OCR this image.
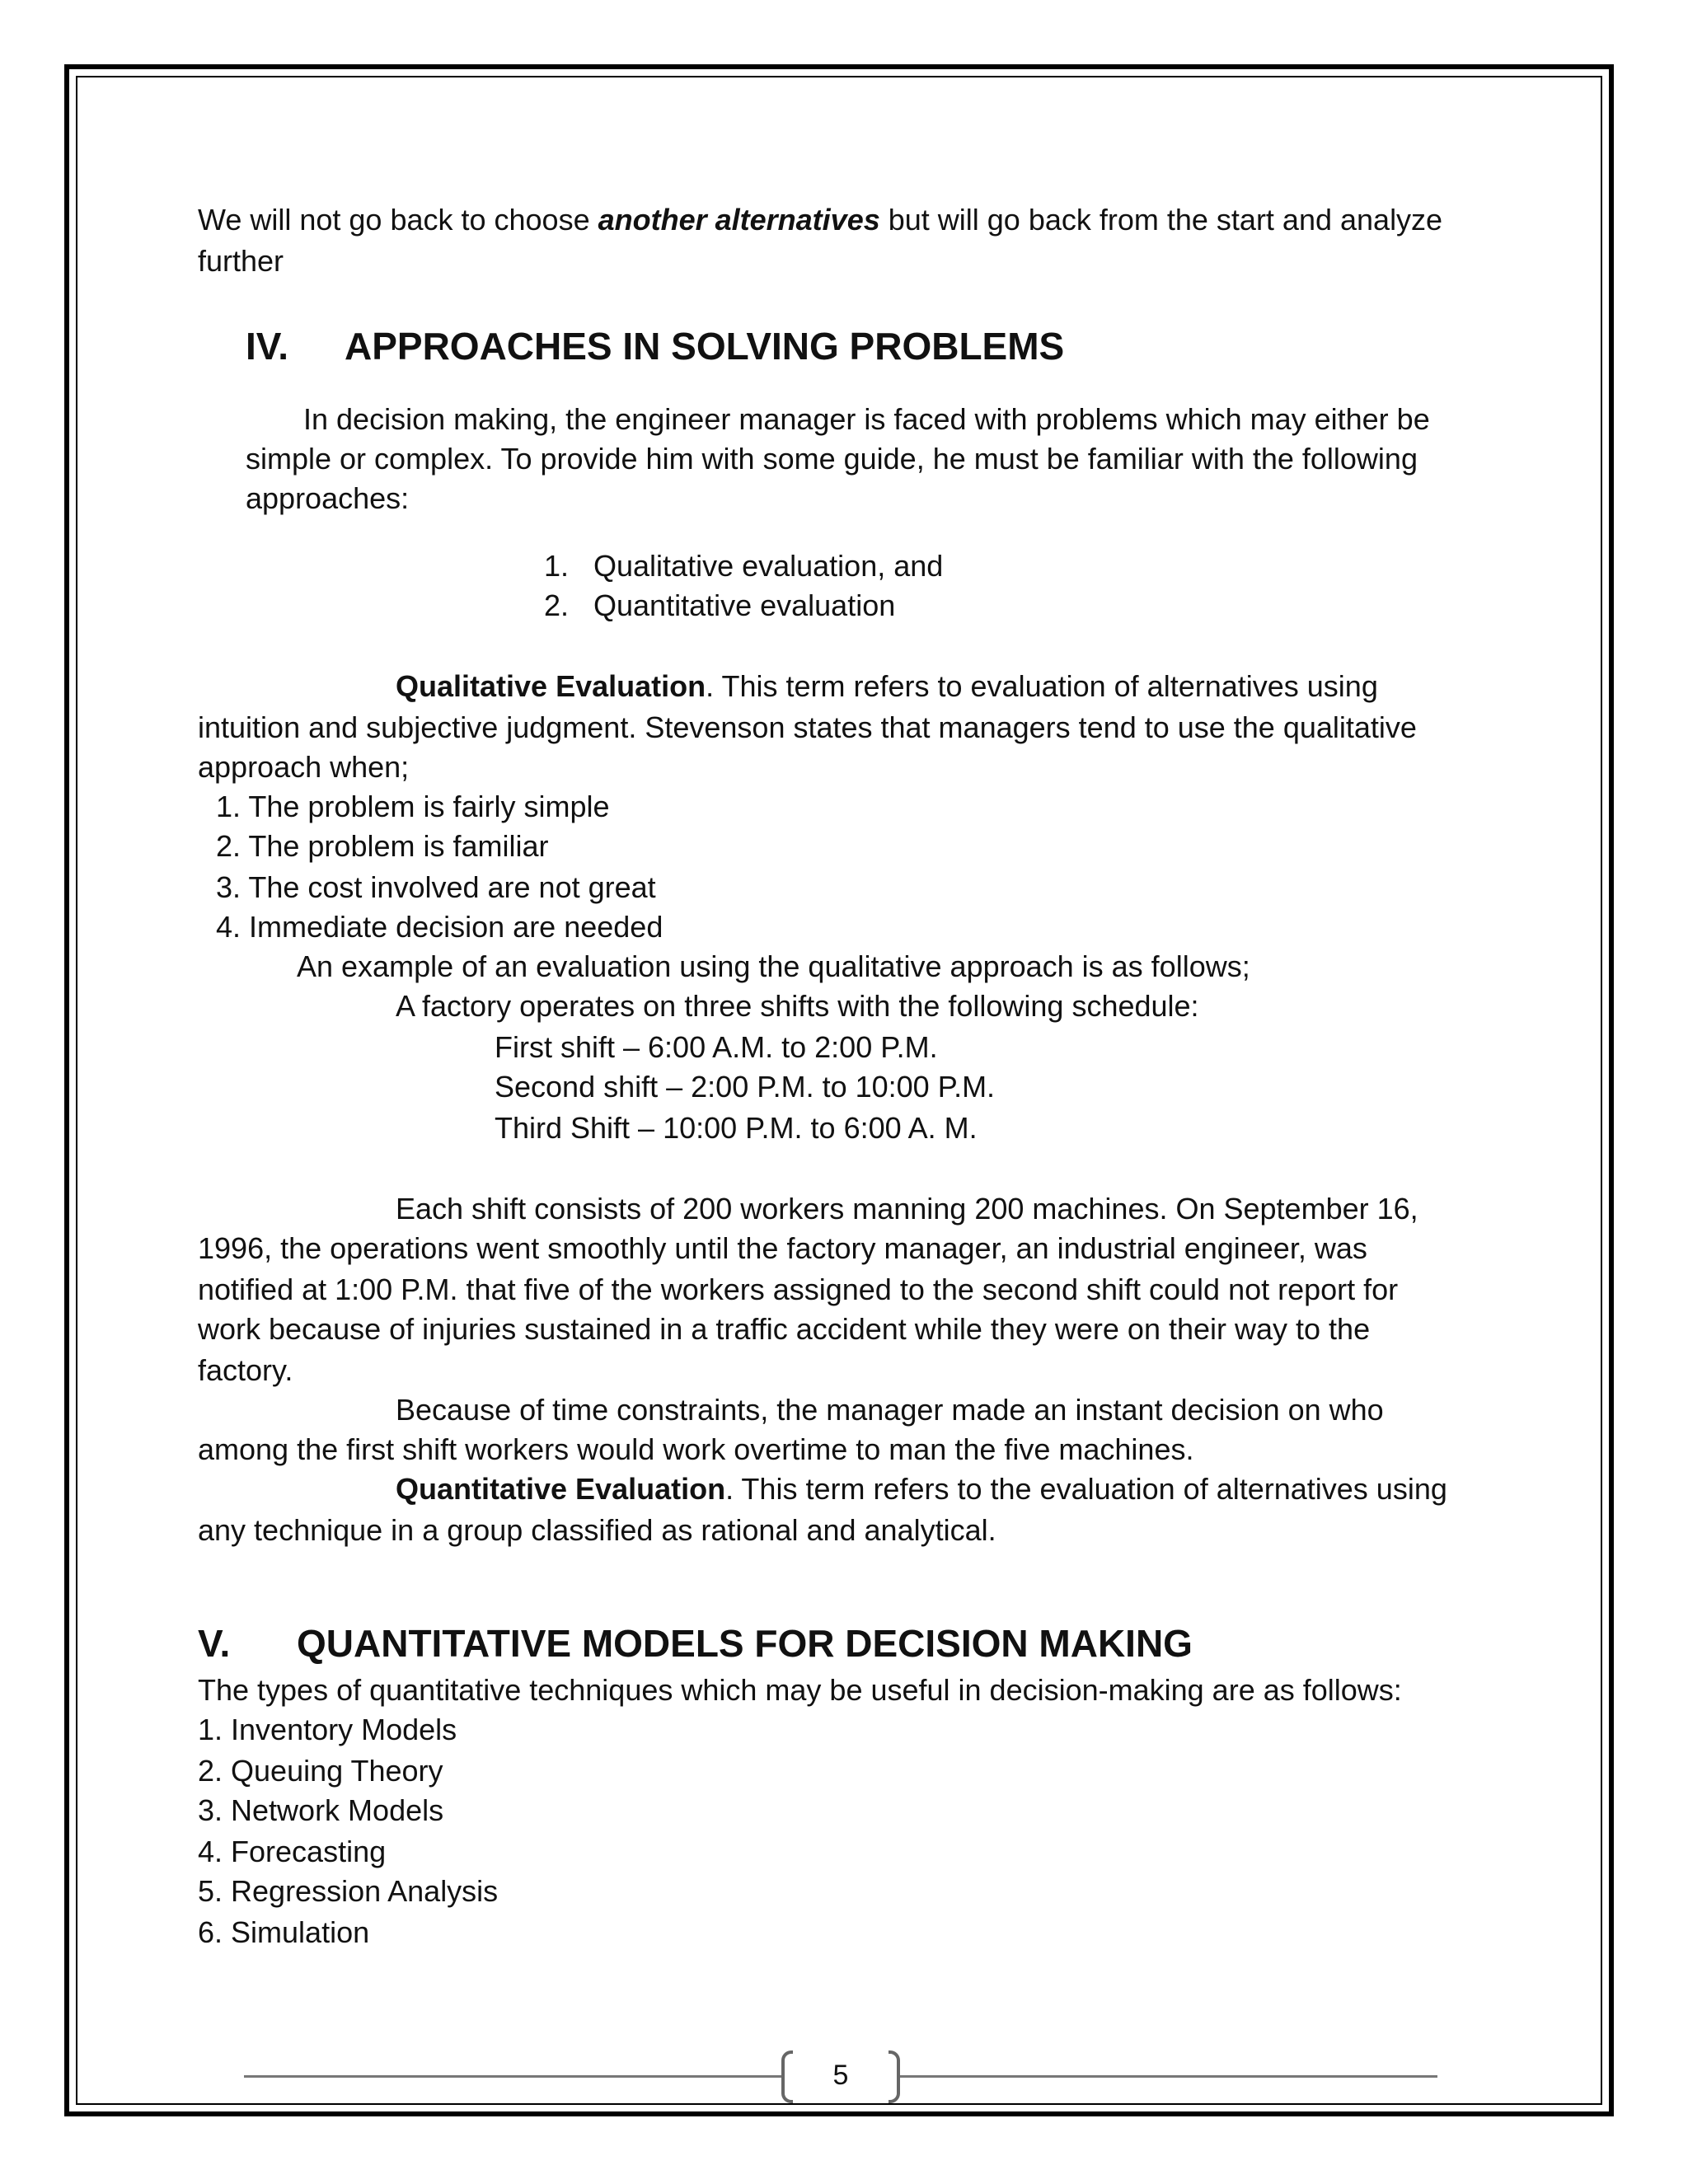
We will not go back to choose another alternatives but will go back from the start and analyze

further

IV. APPROACHES IN SOLVING PROBLEMS

In decision making, the engineer manager is faced with problems which may either be

simple or complex. To provide him with some guide, he must be familiar with the following

approaches:

1. Qualitative evaluation, and

2. Quantitative evaluation

Qualitative Evaluation. This term refers to evaluation of alternatives using

intuition and subjective judgment. Stevenson states that managers tend to use the qualitative

approach when;

1. The problem is fairly simple

2. The problem is familiar

3. The cost involved are not great

4. Immediate decision are needed

An example of an evaluation using the qualitative approach is as follows;

A factory operates on three shifts with the following schedule:

First shift – 6:00 A.M. to 2:00 P.M.

Second shift – 2:00 P.M. to 10:00 P.M.

Third Shift – 10:00 P.M. to 6:00 A. M.

Each shift consists of 200 workers manning 200 machines. On September 16,

1996, the operations went smoothly until the factory manager, an industrial engineer, was

notified at 1:00 P.M. that five of the workers assigned to the second shift could not report for

work because of injuries sustained in a traffic accident while they were on their way to the

factory.

Because of time constraints, the manager made an instant decision on who

among the first shift workers would work overtime to man the five machines.

Quantitative Evaluation. This term refers to the evaluation of alternatives using

any technique in a group classified as rational and analytical.

V. QUANTITATIVE MODELS FOR DECISION MAKING

The types of quantitative techniques which may be useful in decision-making are as follows:

1. Inventory Models

2. Queuing Theory

3. Network Models

4. Forecasting

5. Regression Analysis

6. Simulation

5
